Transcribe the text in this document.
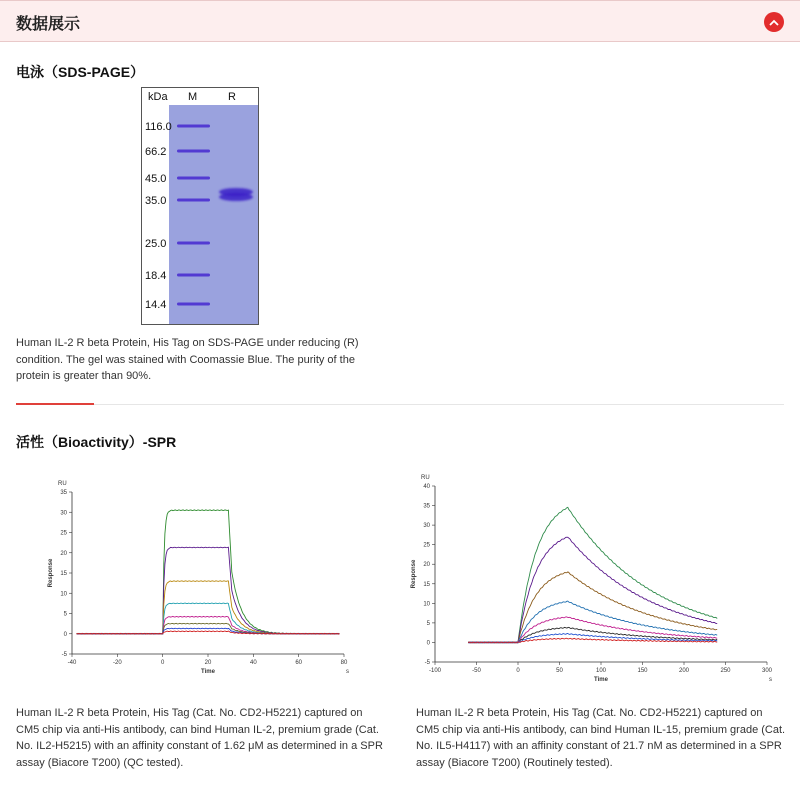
数据展示
电泳（SDS-PAGE）
kDa M	R
116.0
66.2
45.0
35.0
25.0
18.4
14.4
Human IL-2 R beta Protein, His Tag on SDS-PAGE under reducing (R) condition. The gel was stained with Coomassie Blue. The purity of the protein is greater than 90%.
活性（Bioactivity）-SPR
35
30
25
20
15
10
5
0
-5
-40	-20	0	20	40	60	80
RU
Response
Time	s
Human IL-2 R beta Protein, His Tag (Cat. No. CD2-H5221) captured on CM5 chip via anti-His antibody, can bind Human IL-2, premium grade (Cat. No. IL2-H5215) with an affinity constant of 1.62 μM as determined in a SPR assay (Biacore T200) (QC tested).
40
35
30
25
20
15
10
5
0
-5
-100	-50	0	50	100	150	200	250	300
RU
Response
Time	s
Human IL-2 R beta Protein, His Tag (Cat. No. CD2-H5221) captured on CM5 chip via anti-His antibody, can bind Human IL-15, premium grade (Cat. No. IL5-H4117) with an affinity constant of 21.7 nM as determined in a SPR assay (Biacore T200) (Routinely tested).
